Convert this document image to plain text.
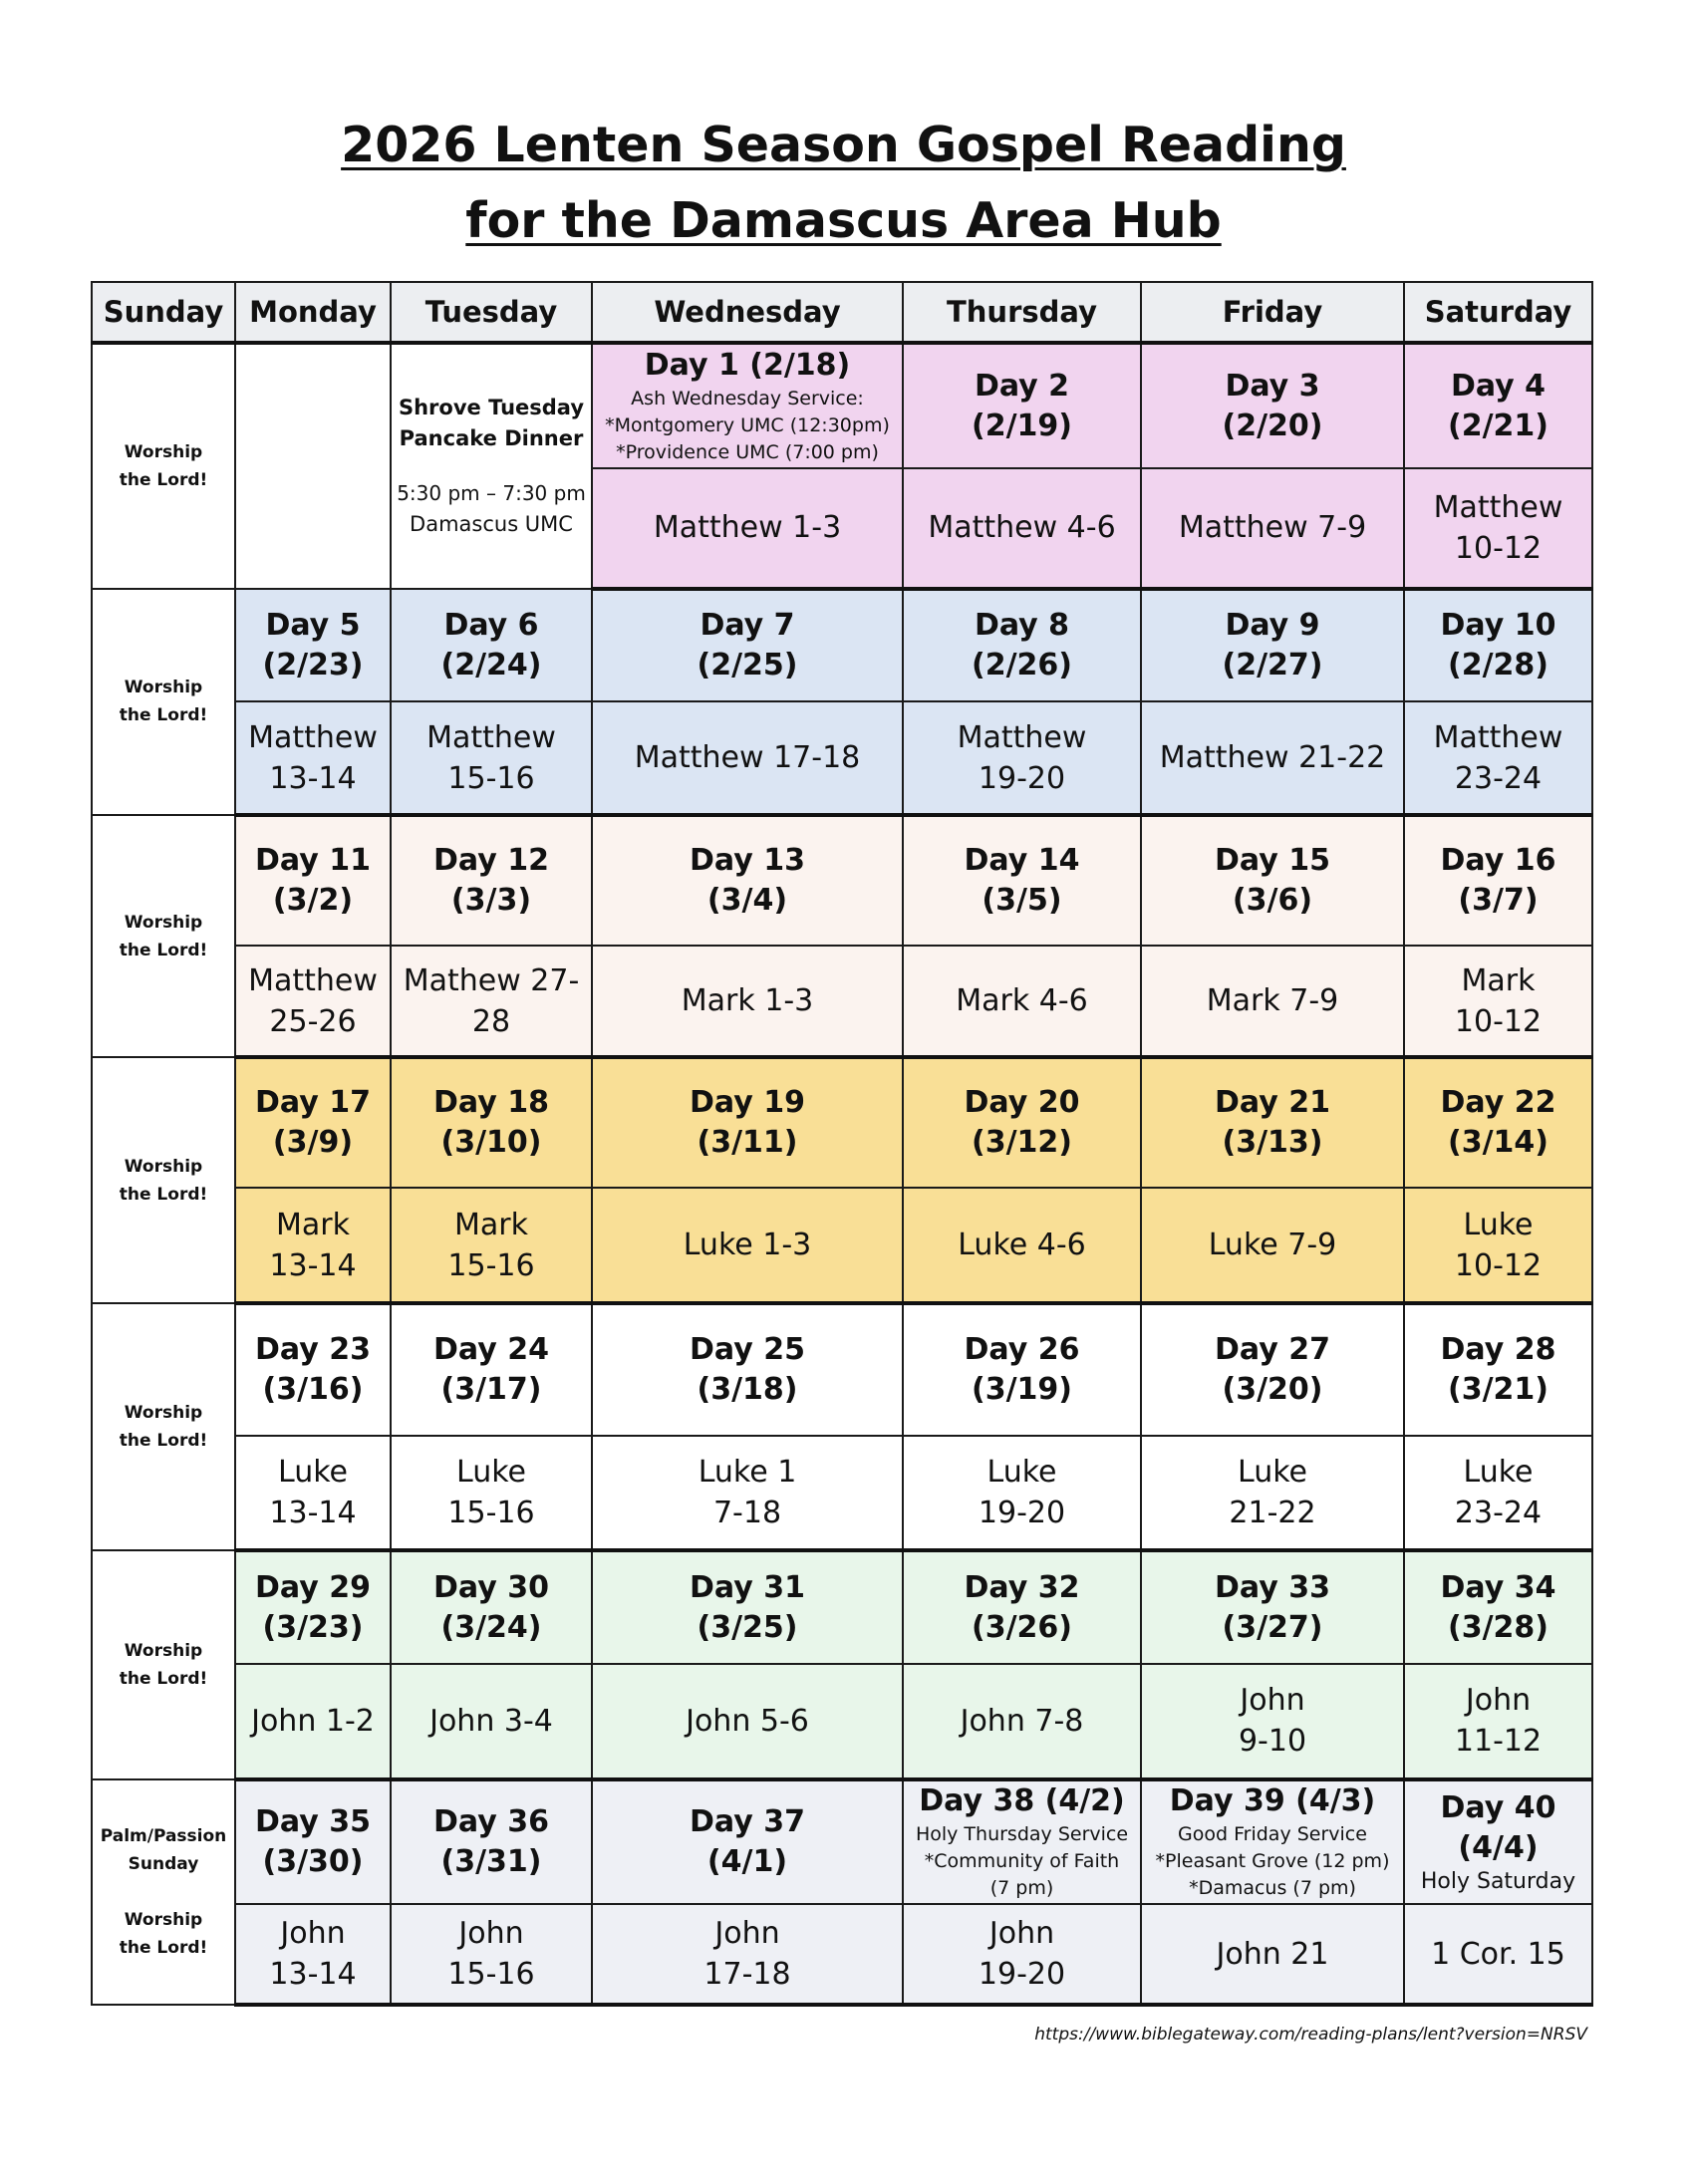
2026 Lenten Season Gospel Reading
for the Damascus Area Hub
Sunday	Monday	Tuesday	Wednesday	Thursday	Friday	Saturday
Worship
the Lord!		Shrove Tuesday
Pancake Dinner
5:30 pm – 7:30 pm
Damascus UMC	Day 1 (2/18)
Ash Wednesday Service:
*Montgomery UMC (12:30pm)
*Providence UMC (7:00 pm)	Day 2
(2/19)	Day 3
(2/20)	Day 4
(2/21)
			Matthew 1-3	Matthew 4-6	Matthew 7-9	Matthew
10-12
Worship
the Lord!	Day 5
(2/23)	Day 6
(2/24)	Day 7
(2/25)	Day 8
(2/26)	Day 9
(2/27)	Day 10
(2/28)
	Matthew
13-14	Matthew
15-16	Matthew 17-18	Matthew
19-20	Matthew 21-22	Matthew
23-24
Worship
the Lord!	Day 11
(3/2)	Day 12
(3/3)	Day 13
(3/4)	Day 14
(3/5)	Day 15
(3/6)	Day 16
(3/7)
	Matthew
25-26	Mathew 27-
28	Mark 1-3	Mark 4-6	Mark 7-9	Mark
10-12
Worship
the Lord!	Day 17
(3/9)	Day 18
(3/10)	Day 19
(3/11)	Day 20
(3/12)	Day 21
(3/13)	Day 22
(3/14)
	Mark
13-14	Mark
15-16	Luke 1-3	Luke 4-6	Luke 7-9	Luke
10-12
Worship
the Lord!	Day 23
(3/16)	Day 24
(3/17)	Day 25
(3/18)	Day 26
(3/19)	Day 27
(3/20)	Day 28
(3/21)
	Luke
13-14	Luke
15-16	Luke 1
7-18	Luke
19-20	Luke
21-22	Luke
23-24
Worship
the Lord!	Day 29
(3/23)	Day 30
(3/24)	Day 31
(3/25)	Day 32
(3/26)	Day 33
(3/27)	Day 34
(3/28)
	John 1-2	John 3-4	John 5-6	John 7-8	John
9-10	John
11-12
Palm/Passion
Sunday

Worship
the Lord!	Day 35
(3/30)	Day 36
(3/31)	Day 37
(4/1)	Day 38 (4/2)
Holy Thursday Service
*Community of Faith
(7 pm)	Day 39 (4/3)
Good Friday Service
*Pleasant Grove (12 pm)
*Damacus (7 pm)	Day 40
(4/4)
Holy Saturday

	John
13-14	John
15-16	John
17-18	John
19-20	John 21	1 Cor. 15
https://www.biblegateway.com/reading-plans/lent?version=NRSV
